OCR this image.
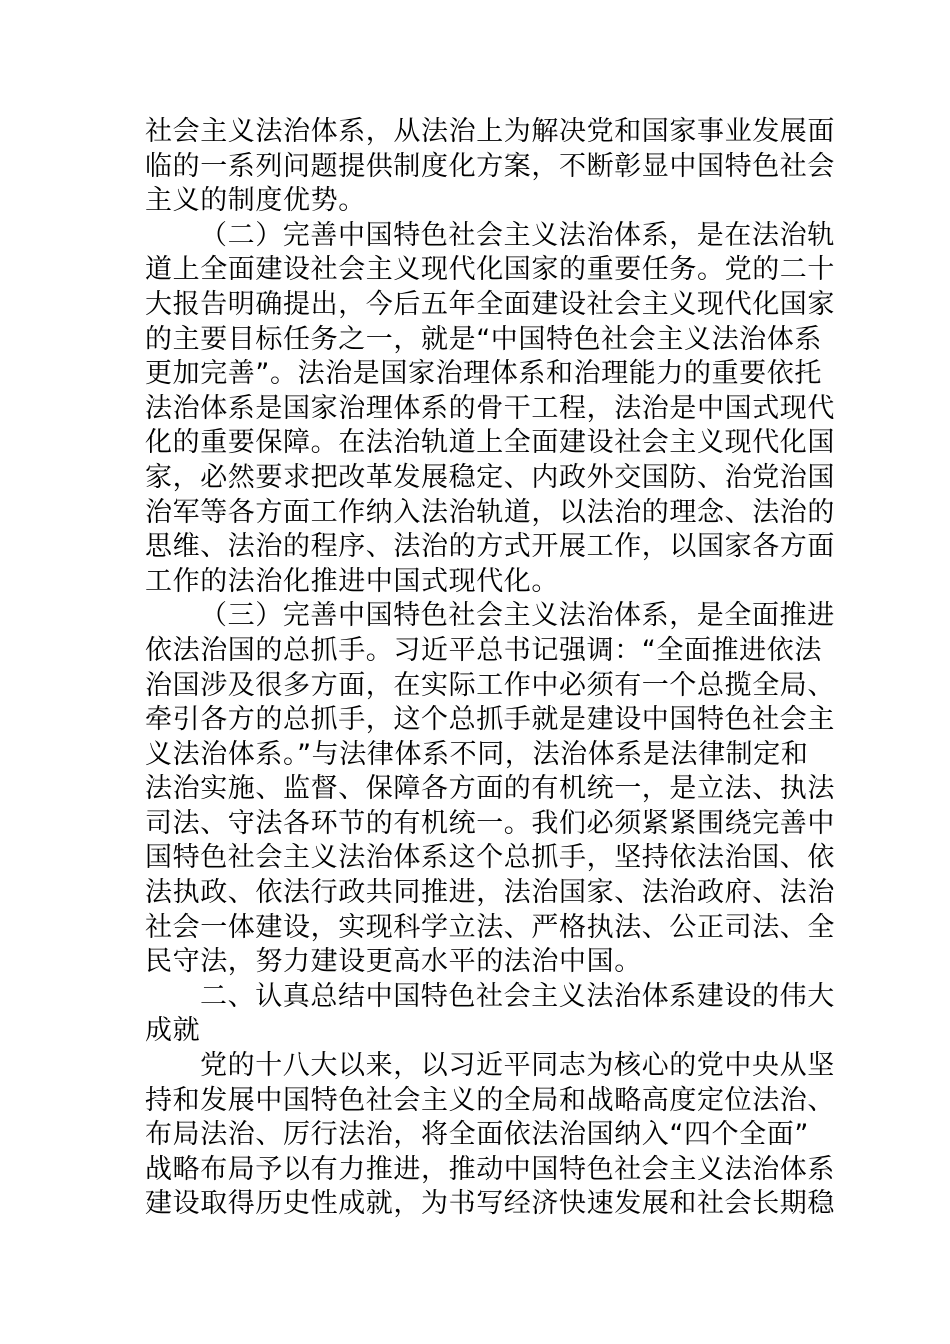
社会主义法治体系，从法治上为解决党和国家事业发展面
临的一系列问题提供制度化方案，不断彰显中国特色社会
主义的制度优势。
（二）完善中国特色社会主义法治体系，是在法治轨
道上全面建设社会主义现代化国家的重要任务。党的二十
大报告明确提出，今后五年全面建设社会主义现代化国家
的主要目标任务之一，就是“中国特色社会主义法治体系
更加完善”。法治是国家治理体系和治理能力的重要依托
法治体系是国家治理体系的骨干工程，法治是中国式现代
化的重要保障。在法治轨道上全面建设社会主义现代化国
家，必然要求把改革发展稳定、内政外交国防、治党治国
治军等各方面工作纳入法治轨道，以法治的理念、法治的
思维、法治的程序、法治的方式开展工作，以国家各方面
工作的法治化推进中国式现代化。
（三）完善中国特色社会主义法治体系，是全面推进
依法治国的总抓手。习近平总书记强调：“全面推进依法
治国涉及很多方面，在实际工作中必须有一个总揽全局、
牵引各方的总抓手，这个总抓手就是建设中国特色社会主
义法治体系。”与法律体系不同，法治体系是法律制定和
法治实施、监督、保障各方面的有机统一，是立法、执法
司法、守法各环节的有机统一。我们必须紧紧围绕完善中
国特色社会主义法治体系这个总抓手，坚持依法治国、依
法执政、依法行政共同推进，法治国家、法治政府、法治
社会一体建设，实现科学立法、严格执法、公正司法、全
民守法，努力建设更高水平的法治中国。
二、认真总结中国特色社会主义法治体系建设的伟大
成就
党的十八大以来，以习近平同志为核心的党中央从坚
持和发展中国特色社会主义的全局和战略高度定位法治、
布局法治、厉行法治，将全面依法治国纳入“四个全面”
战略布局予以有力推进，推动中国特色社会主义法治体系
建设取得历史性成就，为书写经济快速发展和社会长期稳
